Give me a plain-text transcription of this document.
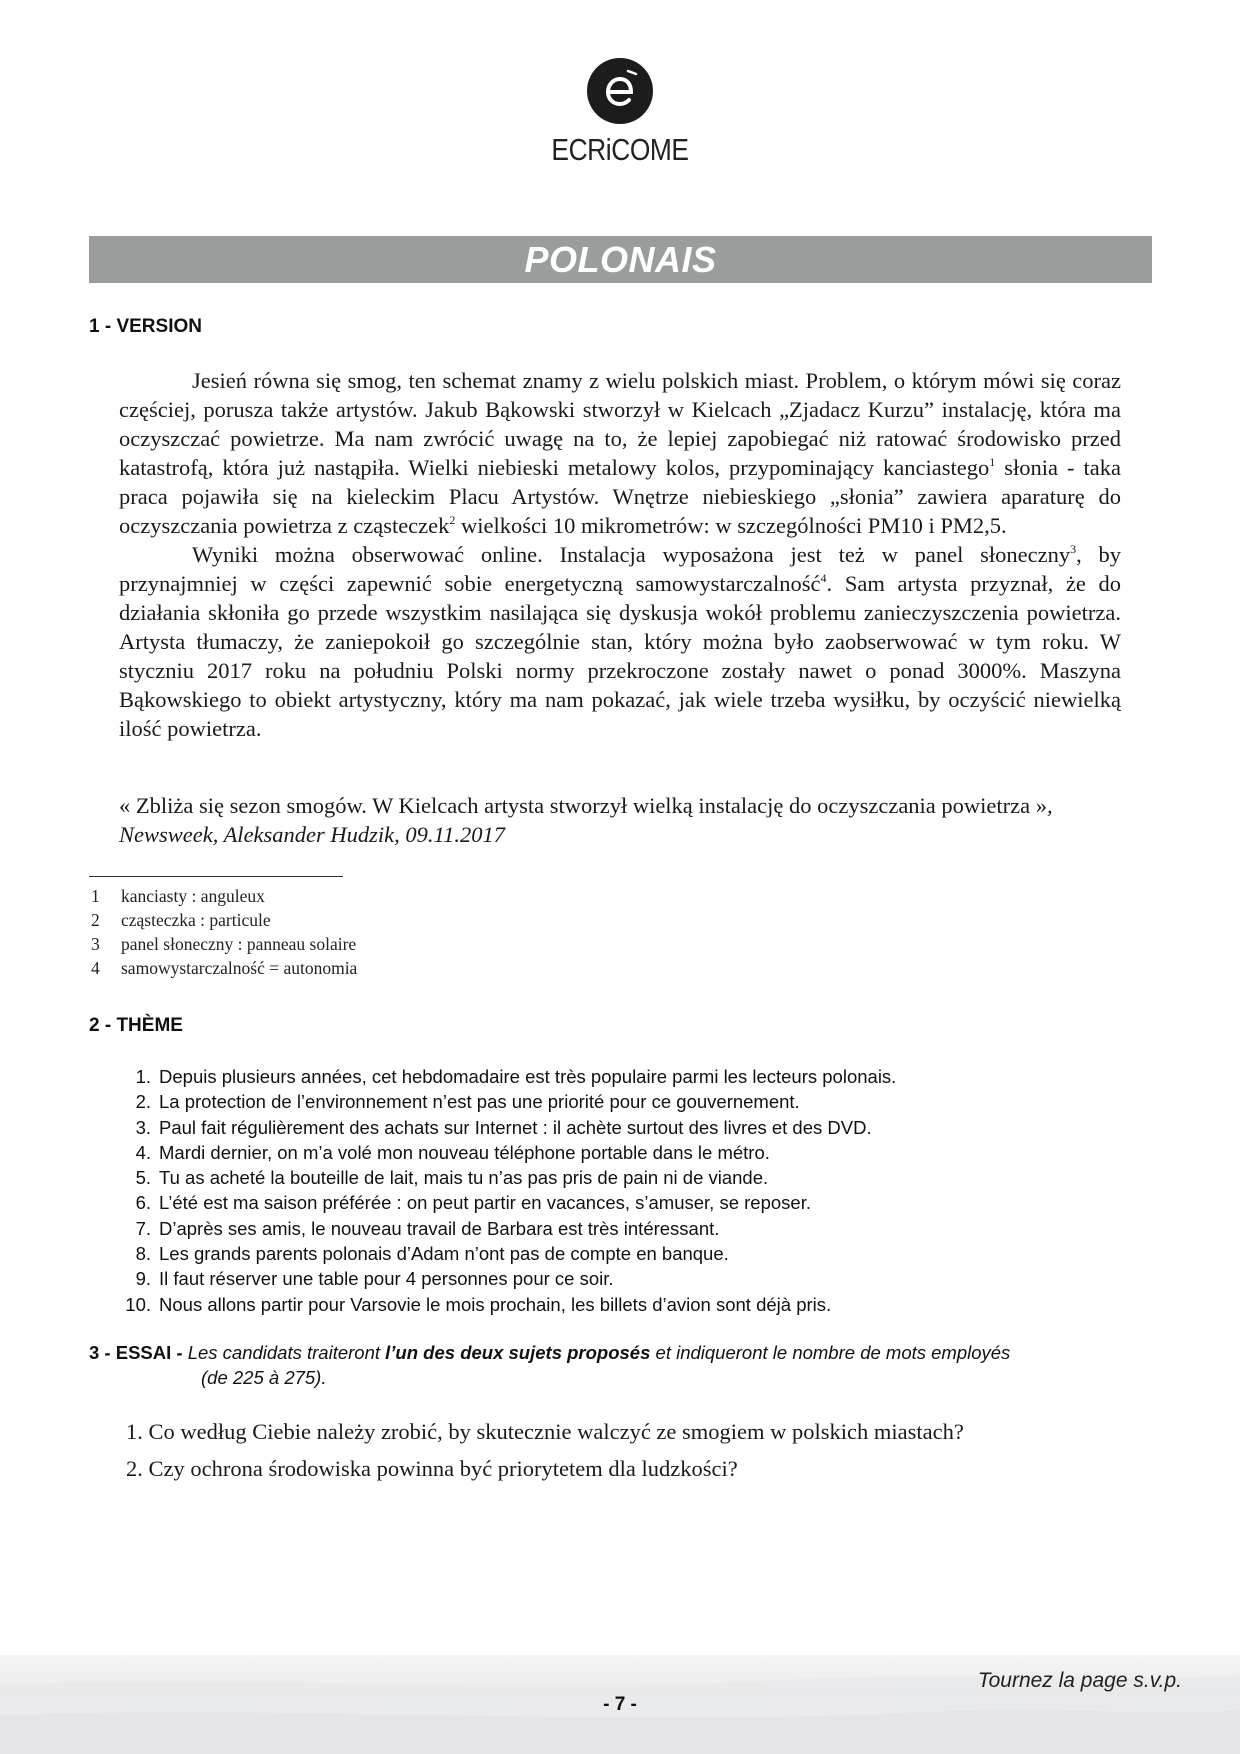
ECRiCOME
POLONAIS
1 - VERSION

Jesień równa się smog, ten schemat znamy z wielu polskich miast. Problem, o którym mówi się coraz częściej, porusza także artystów. Jakub Bąkowski stworzył w Kielcach „Zjadacz Kurzu” instalację, która ma oczyszczać powietrze. Ma nam zwrócić uwagę na to, że lepiej zapobiegać niż ratować środowisko przed katastrofą, która już nastąpiła. Wielki niebieski metalowy kolos, przypominający kanciastego$^1$ słonia - taka praca pojawiła się na kieleckim Placu Artystów. Wnętrze niebieskiego „słonia” zawiera aparaturę do oczyszczania powietrza z cząsteczek$^2$ wielkości 10 mikrometrów: w szczególności PM10 i PM2,5.

Wyniki można obserwować online. Instalacja wyposażona jest też w panel słoneczny$^3$, by przynajmniej w części zapewnić sobie energetyczną samowystarczalność$^4$. Sam artysta przyznał, że do działania skłoniła go przede wszystkim nasilająca się dyskusja wokół problemu zanieczyszczenia powietrza. Artysta tłumaczy, że zaniepokoił go szczególnie stan, który można było zaobserwować w tym roku. W styczniu 2017 roku na południu Polski normy przekroczone zostały nawet o ponad 3000%. Maszyna Bąkowskiego to obiekt artystyczny, który ma nam pokazać, jak wiele trzeba wysiłku, by oczyścić niewielką ilość powietrza.

« Zbliża się sezon smogów. W Kielcach artysta stworzył wielką instalację do oczyszczania powietrza », Newsweek, Aleksander Hudzik, 09.11.2017
1	kanciasty : anguleux
2	cząsteczka : particule
3	panel słoneczny : panneau solaire
4	samowystarczalność = autonomia
2 - THÈME
1. Depuis plusieurs années, cet hebdomadaire est très populaire parmi les lecteurs polonais.
2. La protection de l’environnement n’est pas une priorité pour ce gouvernement.
3. Paul fait régulièrement des achats sur Internet : il achète surtout des livres et des DVD.
4. Mardi dernier, on m’a volé mon nouveau téléphone portable dans le métro.
5. Tu as acheté la bouteille de lait, mais tu n’as pas pris de pain ni de viande.
6. L’été est ma saison préférée : on peut partir en vacances, s’amuser, se reposer.
7. D’après ses amis, le nouveau travail de Barbara est très intéressant.
8. Les grands parents polonais d’Adam n’ont pas de compte en banque.
9. Il faut réserver une table pour 4 personnes pour ce soir.
10. Nous allons partir pour Varsovie le mois prochain, les billets d’avion sont déjà pris.
3 - ESSAI - Les candidats traiteront l’un des deux sujets proposés et indiqueront le nombre de mots employés
(de 225 à 275).
1. Co według Ciebie należy zrobić, by skutecznie walczyć ze smogiem w polskich miastach?
2. Czy ochrona środowiska powinna być priorytetem dla ludzkości?
Tournez la page s.v.p.
- 7 -
